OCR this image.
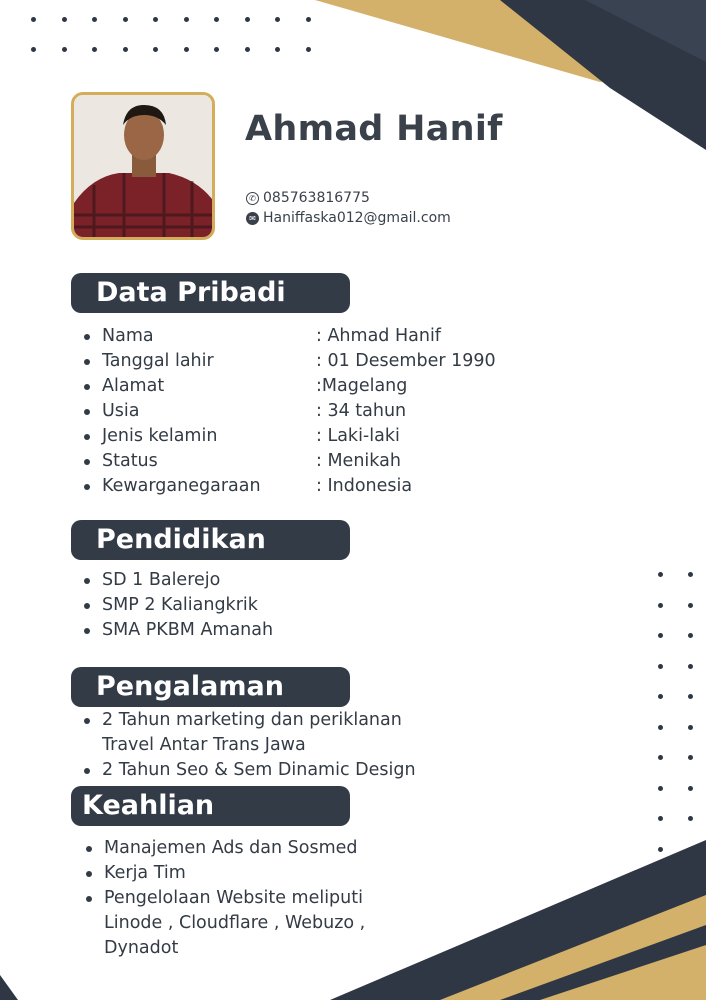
Ahmad Hanif
✆ 085763816775
✉ Haniffaska012@gmail.com
Data Pribadi
Nama	: Ahmad Hanif
Tanggal lahir	: 01 Desember 1990
Alamat	:Magelang
Usia	: 34 tahun
Jenis kelamin	: Laki-laki
Status	: Menikah
Kewarganegaraan	: Indonesia
Pendidikan
SD 1 Balerejo
SMP 2 Kaliangkrik
SMA PKBM Amanah
Pengalaman
2 Tahun marketing dan periklanan
Travel Antar Trans Jawa
2 Tahun Seo & Sem Dinamic Design
Keahlian
Manajemen Ads dan Sosmed
Kerja Tim
Pengelolaan Website meliputi
Linode , Cloudflare , Webuzo ,
Dynadot
